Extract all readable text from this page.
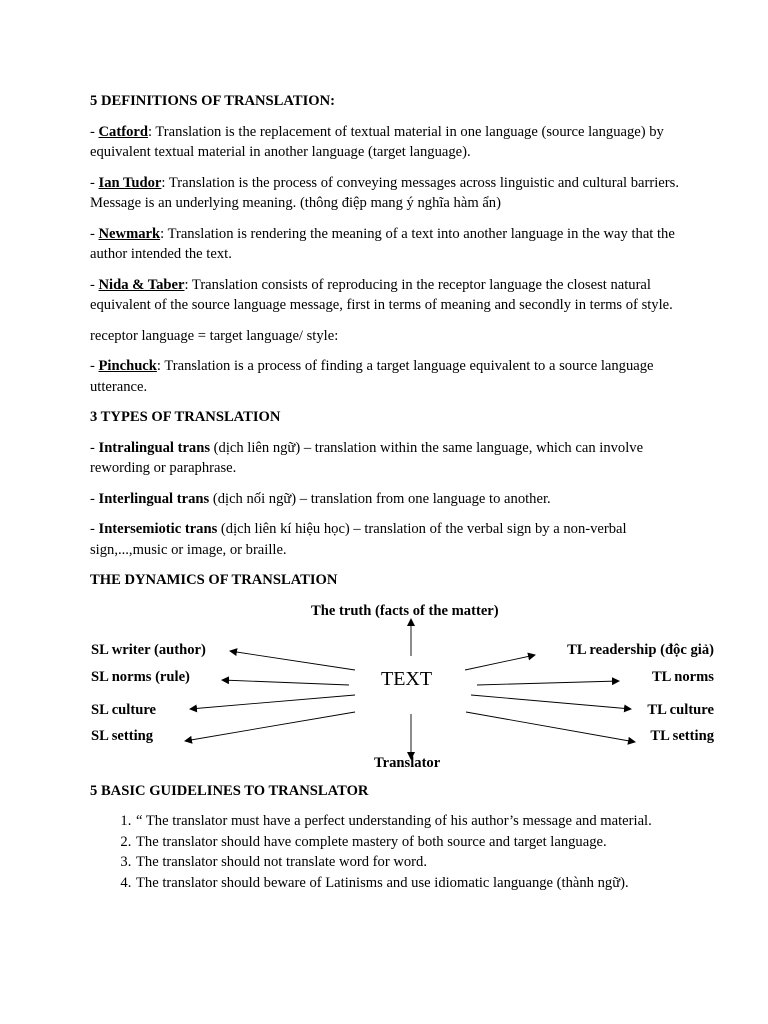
5 DEFINITIONS OF TRANSLATION:

- Catford: Translation is the replacement of textual material in one language (source language) by equivalent textual material in another language (target language).

- Ian Tudor: Translation is the process of conveying messages across linguistic and cultural barriers. Message is an underlying meaning. (thông điệp mang ý nghĩa hàm ẩn)

- Newmark: Translation is rendering the meaning of a text into another language in the way that the author intended the text.

- Nida & Taber: Translation consists of reproducing in the receptor language the closest natural equivalent of the source language message, first in terms of meaning and secondly in terms of style.

receptor language = target language/ style:

- Pinchuck: Translation is a process of finding a target language equivalent to a source language utterance.

3 TYPES OF TRANSLATION

- Intralingual trans (dịch liên ngữ) – translation within the same language, which can involve rewording or paraphrase.

- Interlingual trans (dịch nối ngữ) – translation from one language to another.

- Intersemiotic trans (dịch liên kí hiệu học) – translation of the verbal sign by a non-verbal sign,...,music or image, or braille.

THE DYNAMICS OF TRANSLATION
The truth (facts of the matter)
TEXT
Translator
SL writer (author)
SL norms (rule)
SL culture
SL setting
TL readership (độc giả)
TL norms
TL culture
TL setting
5 BASIC GUIDELINES TO TRANSLATOR
1. “ The translator must have a perfect understanding of his author’s message and material.
2. The translator should have complete mastery of both source and target language.
3. The translator should not translate word for word.
4. The translator should beware of Latinisms and use idiomatic languange (thành ngữ).
